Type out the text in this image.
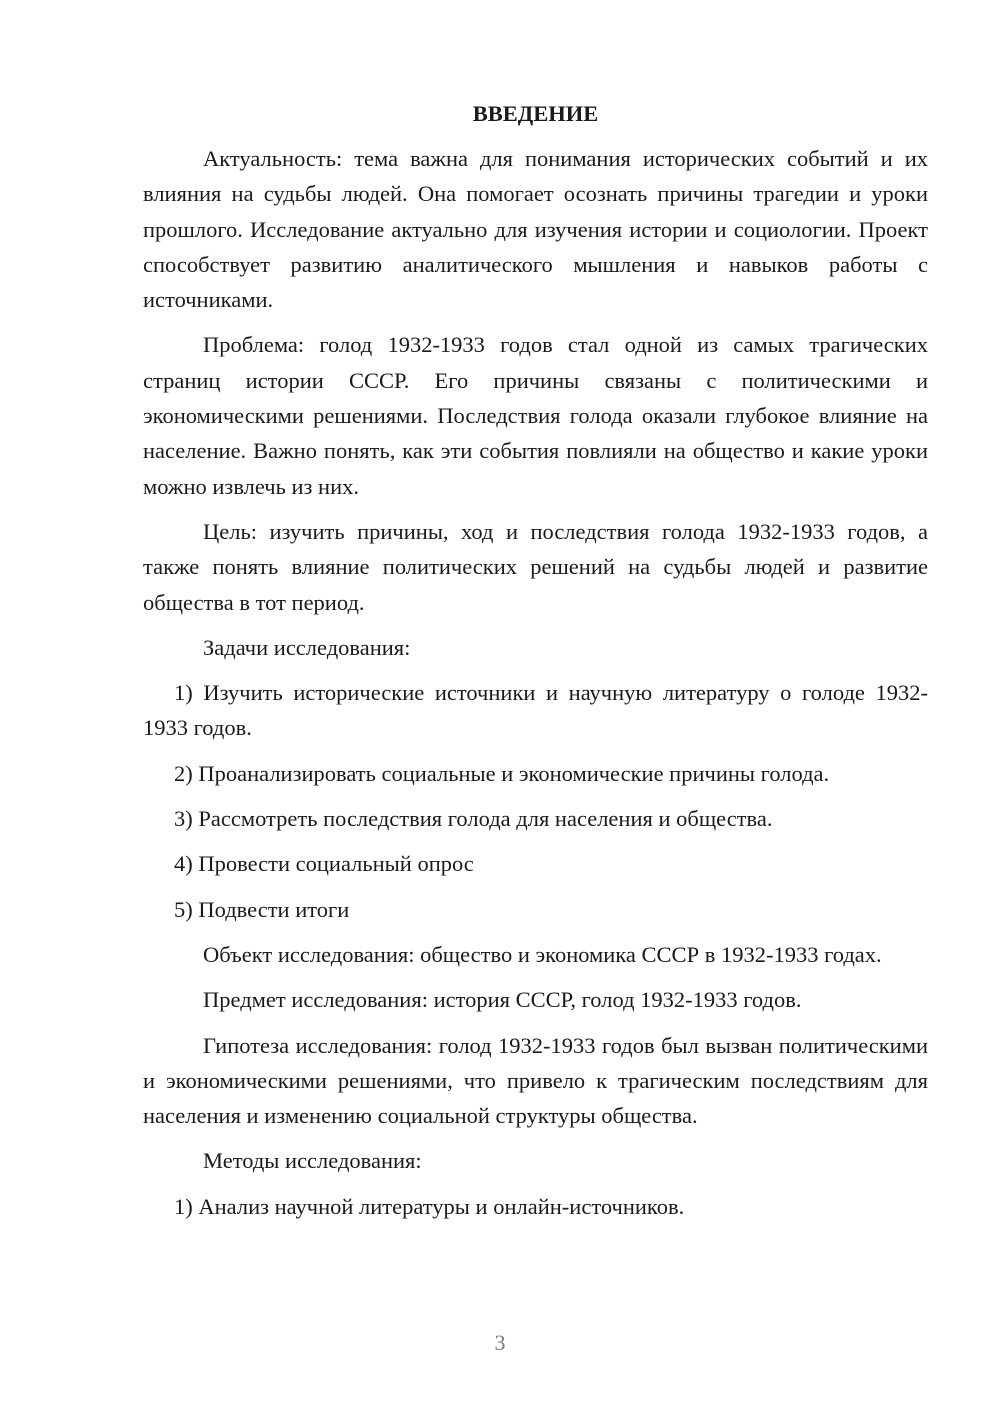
ВВЕДЕНИЕ

Актуальность: тема важна для понимания исторических событий и их влияния на судьбы людей. Она помогает осознать причины трагедии и уроки прошлого. Исследование актуально для изучения истории и социологии. Проект способствует развитию аналитического мышления и навыков работы с источниками.

Проблема: голод 1932-1933 годов стал одной из самых трагических страниц истории СССР. Его причины связаны с политическими и экономическими решениями. Последствия голода оказали глубокое влияние на население. Важно понять, как эти события повлияли на общество и какие уроки можно извлечь из них.

Цель: изучить причины, ход и последствия голода 1932-1933 годов, а также понять влияние политических решений на судьбы людей и развитие общества в тот период.

Задачи исследования:

1) Изучить исторические источники и научную литературу о голоде 1932-1933 годов.

2) Проанализировать социальные и экономические причины голода.

3) Рассмотреть последствия голода для населения и общества.

4) Провести социальный опрос

5) Подвести итоги

Объект исследования: общество и экономика СССР в 1932-1933 годах.

Предмет исследования: история СССР, голод 1932-1933 годов.

Гипотеза исследования: голод 1932-1933 годов был вызван политическими и экономическими решениями, что привело к трагическим последствиям для населения и изменению социальной структуры общества.

Методы исследования:

1) Анализ научной литературы и онлайн-источников.

3
